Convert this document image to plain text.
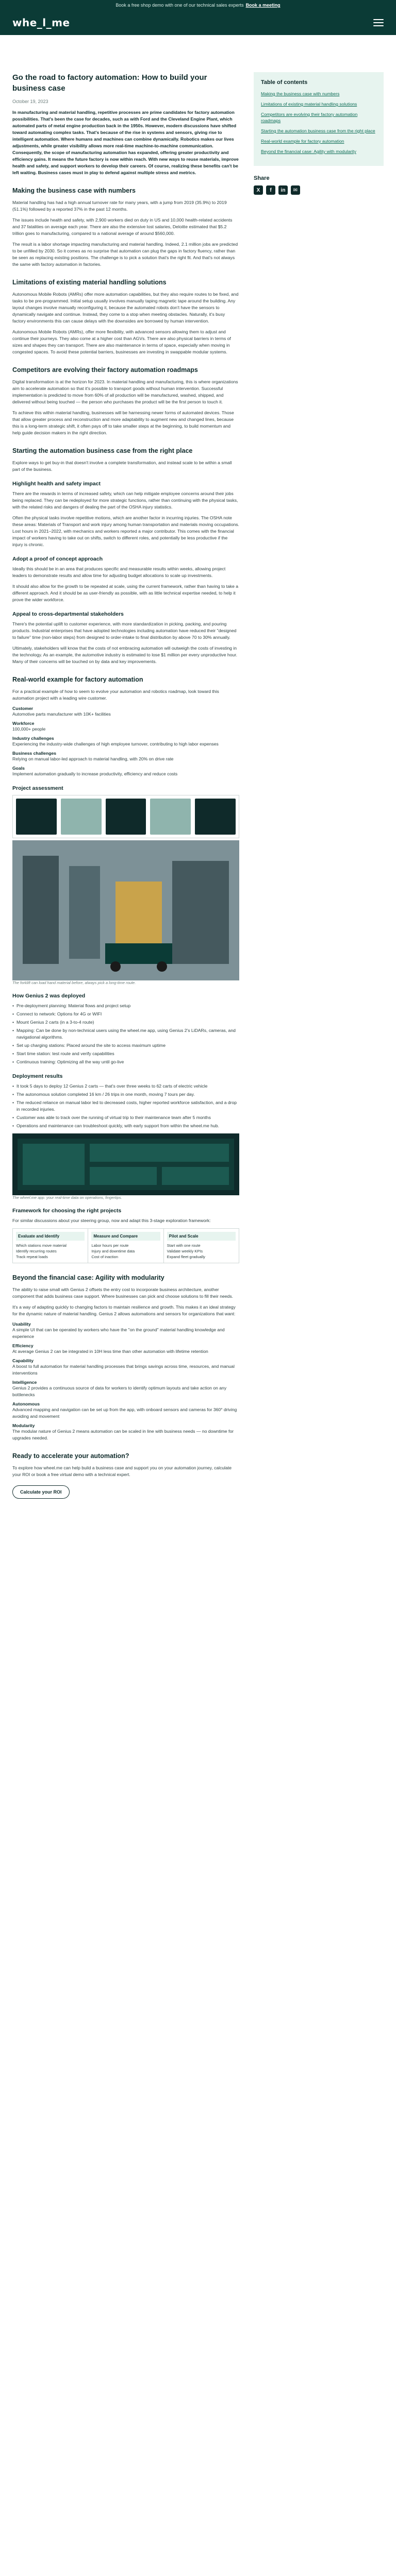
Book a free shop demo with one of our technical sales experts Book a meeting
whe_l_me
Go the road to factory automation: How to build your business case
October 19, 2023

In manufacturing and material handling, repetitive processes are prime candidates for factory automation possibilities. That's been the case for decades, such as with Ford and the Cleveland Engine Plant, which automated parts of metal engine production back in the 1950s. However, modern discussions have shifted toward automating complex tasks. That's because of the rise in systems and sensors, giving rise to intelligent automation. Where humans and machines can combine dynamically. Robotics makes our lives adjustments, while greater visibility allows more real-time machine-to-machine communication. Consequently, the scope of manufacturing automation has expanded, offering greater productivity and efficiency gains. It means the future factory is now within reach. With new ways to reuse materials, improve health and safety, and support workers to develop their careers. Of course, realizing these benefits can't be left waiting. Business cases must in play to defend against multiple stress and metrics.

Making the business case with numbers

Material handling has had a high annual turnover rate for many years, with a jump from 2019 (35.9%) to 2019 (51.1%) followed by a reported 37% in the past 12 months.

The issues include health and safety, with 2,900 workers died on duty in US and 10,000 health-related accidents and 37 fatalities on average each year. There are also the extensive lost salaries, Deloitte estimated that $5.2 trillion goes to manufacturing, compared to a national average of around $560,000.

The result is a labor shortage impacting manufacturing and material handling. Indeed, 2.1 million jobs are predicted to be unfilled by 2030. So it comes as no surprise that automation can plug the gaps in factory fluency, rather than be seen as replacing existing positions. The challenge is to pick a solution that's the right fit. And that's not always the same with factory automation in factories.

Limitations of existing material handling solutions

Autonomous Mobile Robots (AMRs) offer more automation capabilities, but they also require routes to be fixed, and tasks to be pre-programmed. Initial setup usually involves manually taping magnetic tape around the building. Any layout changes involve manually reconfiguring it, because the automated robots don't have the sensors to dynamically navigate and continue. Instead, they come to a stop when meeting obstacles. Naturally, it's busy factory environments this can cause delays with the downsides are borrowed by human intervention.

Autonomous Mobile Robots (AMRs), offer more flexibility, with advanced sensors allowing them to adjust and continue their journeys. They also come at a higher cost than AGVs. There are also physical barriers in terms of sizes and shapes they can transport. There are also maintenance in terms of space, especially when moving in congested spaces. To avoid these potential barriers, businesses are investing in swappable modular systems.

Competitors are evolving their factory automation roadmaps

Digital transformation is at the horizon for 2023. In material handling and manufacturing, this is where organizations aim to accelerate automation so that it's possible to transport goods without human intervention. Successful implementation is predicted to move from 60% of all production will be manufactured, washed, shipped, and delivered without being touched — the person who purchases the product will be the first person to touch it.

To achieve this within material handling, businesses will be harnessing newer forms of automated devices. Those that allow greater process and reconstruction and more adaptability to augment new and changed lines, because this is a long-term strategic shift, it often pays off to take smaller steps at the beginning, to build momentum and help guide decision makers in the right direction.

Starting the automation business case from the right place

Explore ways to get buy-in that doesn't involve a complete transformation, and instead scale to be within a small part of the business.

Highlight health and safety impact

There are the rewards in terms of increased safety, which can help mitigate employee concerns around their jobs being replaced. They can be redeployed for more strategic functions, rather than continuing with the physical tasks, with the related risks and dangers of dealing the part of the OSHA injury statistics.

Often the physical tasks involve repetitive motions, which are another factor in incurring injuries. The OSHA note these areas: Materials of Transport and work injury among human transportation and materials moving occupations. Lost hours in 2021–2022, with mechanics and workers reported a major contributor. This comes with the financial impact of workers having to take out on shifts, switch to different roles, and potentially be less productive if the injury is chronic.

Adopt a proof of concept approach

Ideally this should be in an area that produces specific and measurable results within weeks, allowing project leaders to demonstrate results and allow time for adjusting budget allocations to scale up investments.

It should also allow for the growth to be repeated at scale, using the current framework, rather than having to take a different approach. And it should be as user-friendly as possible, with as little technical expertise needed, to help it prove the wider workforce.

Appeal to cross-departmental stakeholders

There's the potential uplift to customer experience, with more standardization in picking, packing, and pouring products. Industrial enterprises that have adopted technologies including automation have reduced their "designed to failure" time (non-labor steps) from designed to order-intake to final distribution by above 70 to 30% annually.

Ultimately, stakeholders will know that the costs of not embracing automation will outweigh the costs of investing in the technology. As an example, the automotive industry is estimated to lose $1 million per every unproductive hour. Many of their concerns will be touched on by data and key improvements.

Real-world example for factory automation

For a practical example of how to seem to evolve your automation and robotics roadmap, look toward this automation project with a leading wire customer.

Customer
Automotive parts manufacturer with 10K+ facilities
Workforce
100,000+ people
Industry challenges
Experiencing the industry-wide challenges of high employee turnover, contributing to high labor expenses
Business challenges
Relying on manual labor-led approach to material handling, with 20% on drive rate
Goals
Implement automation gradually to increase productivity, efficiency and reduce costs
Project assessment
The forklift can load hand material before, always pick a long-time route.
How Genius 2 was deployed
• Pre-deployment planning: Material flows and project setup
• Connect to network: Options for 4G or WIFI
• Mount Genius 2 carts (in a 3-to-4 route)
• Mapping: Can be done by non-technical users using the wheel.me app, using Genius 2's LiDARs, cameras, and navigational algorithms.
• Set up charging stations: Placed around the site to access maximum uptime
• Start time station: test route and verify capabilities
• Continuous training: Optimizing all the way until go-live
Deployment results
• It took 5 days to deploy 12 Genius 2 carts — that's over three weeks to 62 carts of electric vehicle
• The autonomous solution completed 16 km / 26 trips in one month, moving 7 tours per day.
• The reduced reliance on manual labor led to decreased costs, higher reported workforce satisfaction, and a drop in recorded injuries.
• Customer was able to track over the running of virtual trip to their maintenance team after 5 months
• Operations and maintenance can troubleshoot quickly, with early support from within the wheel.me hub.
The wheel.me app: your real-time data on operations, fingertips.
Framework for choosing the right projects

For similar discussions about your steering group, now and adapt this 3-stage exploration framework:

Evaluate and Identify
Which stations move material
Identify recurring routes
Track repeat loads
Measure and Compare
Labor hours per route
Injury and downtime data
Cost of inaction
Pilot and Scale
Start with one route
Validate weekly KPIs
Expand fleet gradually
Beyond the financial case: Agility with modularity

The ability to raise small with Genius 2 offsets the entry cost to incorporate business architecture, another component that adds business case support. Where businesses can pick and choose solutions to fill their needs.

It's a way of adapting quickly to changing factors to maintain resilience and growth. This makes it an ideal strategy for the dynamic nature of material handling. Genius 2 allows automations and sensors for organizations that want:

Usability
A simple UI that can be operated by workers who have the "on the ground" material handling knowledge and experience
Efficiency
At average Genius 2 can be integrated in 10H less time than other automation with lifetime retention
Capability
A boost to full automation for material handling processes that brings savings across time, resources, and manual interventions
Intelligence
Genius 2 provides a continuous source of data for workers to identify optimum layouts and take action on any bottlenecks
Autonomous
Advanced mapping and navigation can be set up from the app, with onboard sensors and cameras for 360° driving avoiding and movement
Modularity
The modular nature of Genius 2 means automation can be scaled in line with business needs — no downtime for upgrades needed.
Ready to accelerate your automation?

To explore how wheel.me can help build a business case and support you on your automation journey, calculate your ROI or book a free virtual demo with a technical expert.

Calculate your ROI
Table of contents
Making the business case with numbers
Limitations of existing material handling solutions
Competitors are evolving their factory automation roadmaps
Starting the automation business case from the right place
Real-world example for factory automation
Beyond the financial case: Agility with modularity
Share
X	f	in	✉
